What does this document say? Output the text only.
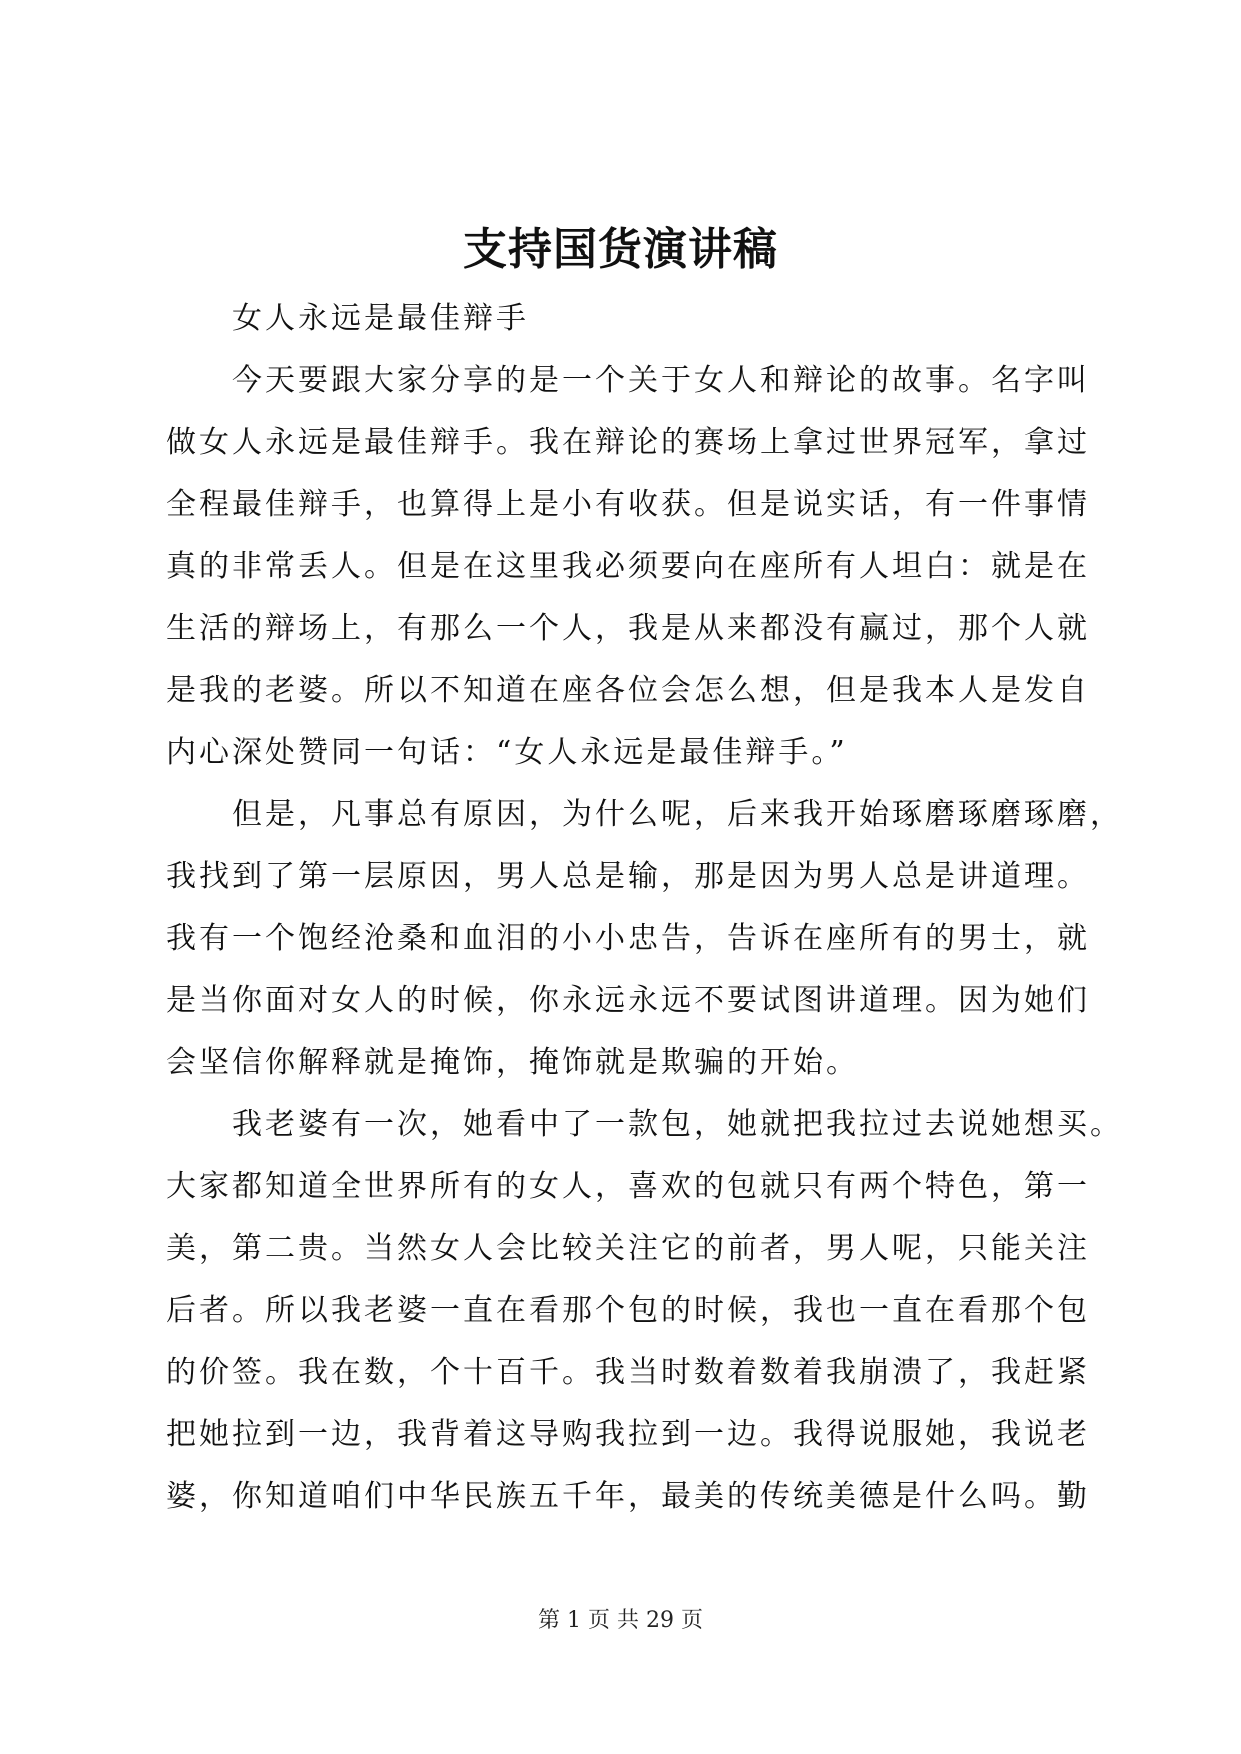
支持国货演讲稿
女人永远是最佳辩手
今天要跟大家分享的是一个关于女人和辩论的故事。名字叫
做女人永远是最佳辩手。我在辩论的赛场上拿过世界冠军，拿过
全程最佳辩手，也算得上是小有收获。但是说实话，有一件事情
真的非常丢人。但是在这里我必须要向在座所有人坦白：就是在
生活的辩场上，有那么一个人，我是从来都没有赢过，那个人就
是我的老婆。所以不知道在座各位会怎么想，但是我本人是发自
内心深处赞同一句话：“女人永远是最佳辩手。”
但是，凡事总有原因，为什么呢，后来我开始琢磨琢磨琢磨，
我找到了第一层原因，男人总是输，那是因为男人总是讲道理。
我有一个饱经沧桑和血泪的小小忠告，告诉在座所有的男士，就
是当你面对女人的时候，你永远永远不要试图讲道理。因为她们
会坚信你解释就是掩饰，掩饰就是欺骗的开始。
我老婆有一次，她看中了一款包，她就把我拉过去说她想买。
大家都知道全世界所有的女人，喜欢的包就只有两个特色，第一
美，第二贵。当然女人会比较关注它的前者，男人呢，只能关注
后者。所以我老婆一直在看那个包的时候，我也一直在看那个包
的价签。我在数，个十百千。我当时数着数着我崩溃了，我赶紧
把她拉到一边，我背着这导购我拉到一边。我得说服她，我说老
婆，你知道咱们中华民族五千年，最美的传统美德是什么吗。勤
第 1 页 共 29 页
